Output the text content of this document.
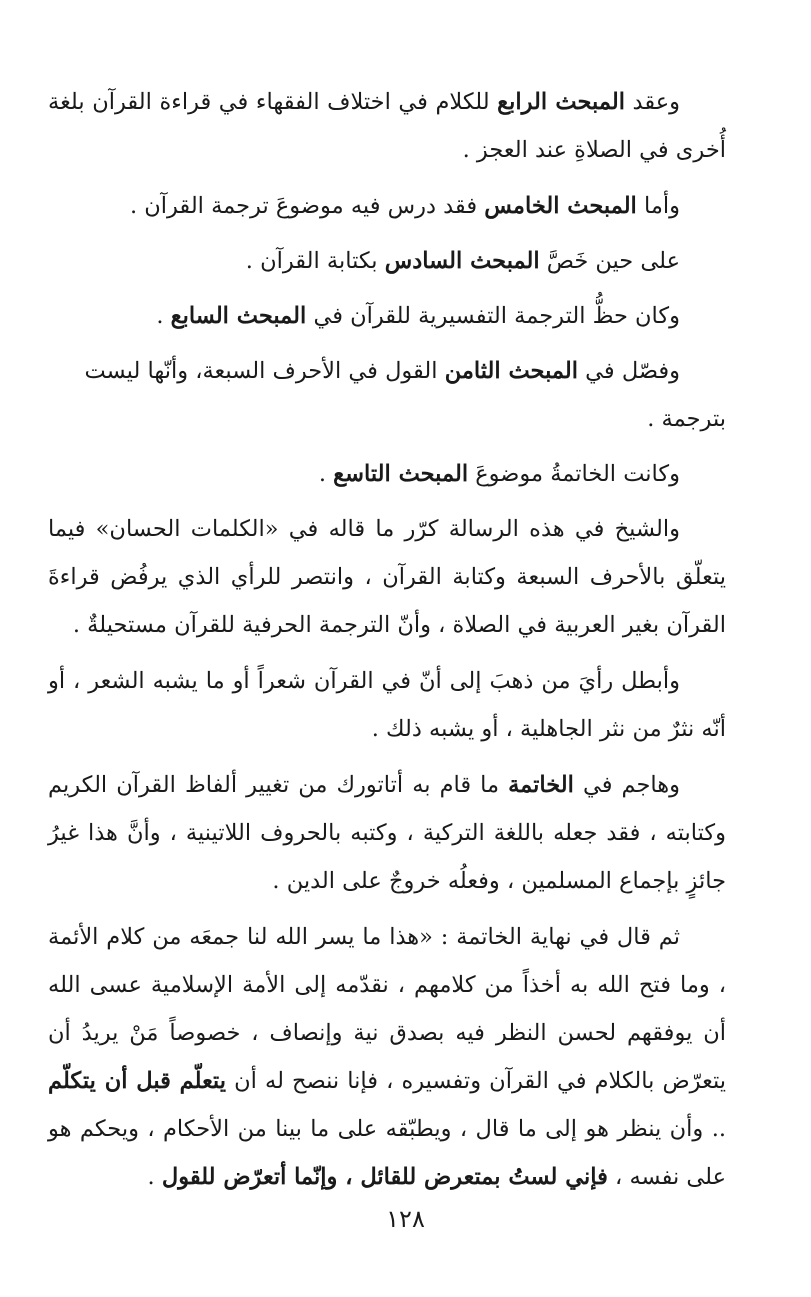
وعقد المبحث الرابع للكلام في اختلاف الفقهاء في قراءة القرآن بلغة أُخرى في الصلاةِ عند العجز .

وأما المبحث الخامس فقد درس فيه موضوعَ ترجمة القرآن .

على حين خَصَّ المبحث السادس بكتابة القرآن .

وكان حظُّ الترجمة التفسيرية للقرآن في المبحث السابع .

وفصّل في المبحث الثامن القول في الأحرف السبعة، وأنّها ليست بترجمة .

وكانت الخاتمةُ موضوعَ المبحث التاسع .

والشيخ في هذه الرسالة كرّر ما قاله في «الكلمات الحسان» فيما يتعلّق بالأحرف السبعة وكتابة القرآن ، وانتصر للرأي الذي يرفُض قراءةَ القرآن بغير العربية في الصلاة ، وأنّ الترجمة الحرفية للقرآن مستحيلةٌ .

وأبطل رأيَ من ذهبَ إلى أنّ في القرآن شعراً أو ما يشبه الشعر ، أو أنّه نثرٌ من نثر الجاهلية ، أو يشبه ذلك .

وهاجم في الخاتمة ما قام به أتاتورك من تغيير ألفاظ القرآن الكريم وكتابته ، فقد جعله باللغة التركية ، وكتبه بالحروف اللاتينية ، وأنَّ هذا غيرُ جائزٍ بإجماع المسلمين ، وفعلُه خروجٌ على الدين .

ثم قال في نهاية الخاتمة : «هذا ما يسر الله لنا جمعَه من كلام الأئمة ، وما فتح الله به أخذاً من كلامهم ، نقدّمه إلى الأمة الإسلامية عسى الله أن يوفقهم لحسن النظر فيه بصدق نية وإنصاف ، خصوصاً مَنْ يريدُ أن يتعرّض بالكلام في القرآن وتفسيره ، فإنا ننصح له أن يتعلّم قبل أن يتكلّم .. وأن ينظر هو إلى ما قال ، ويطبّقه على ما بينا من الأحكام ، ويحكم هو على نفسه ، فإني لستُ بمتعرض للقائل ، وإنّما أتعرّض للقول .

١٢٨
